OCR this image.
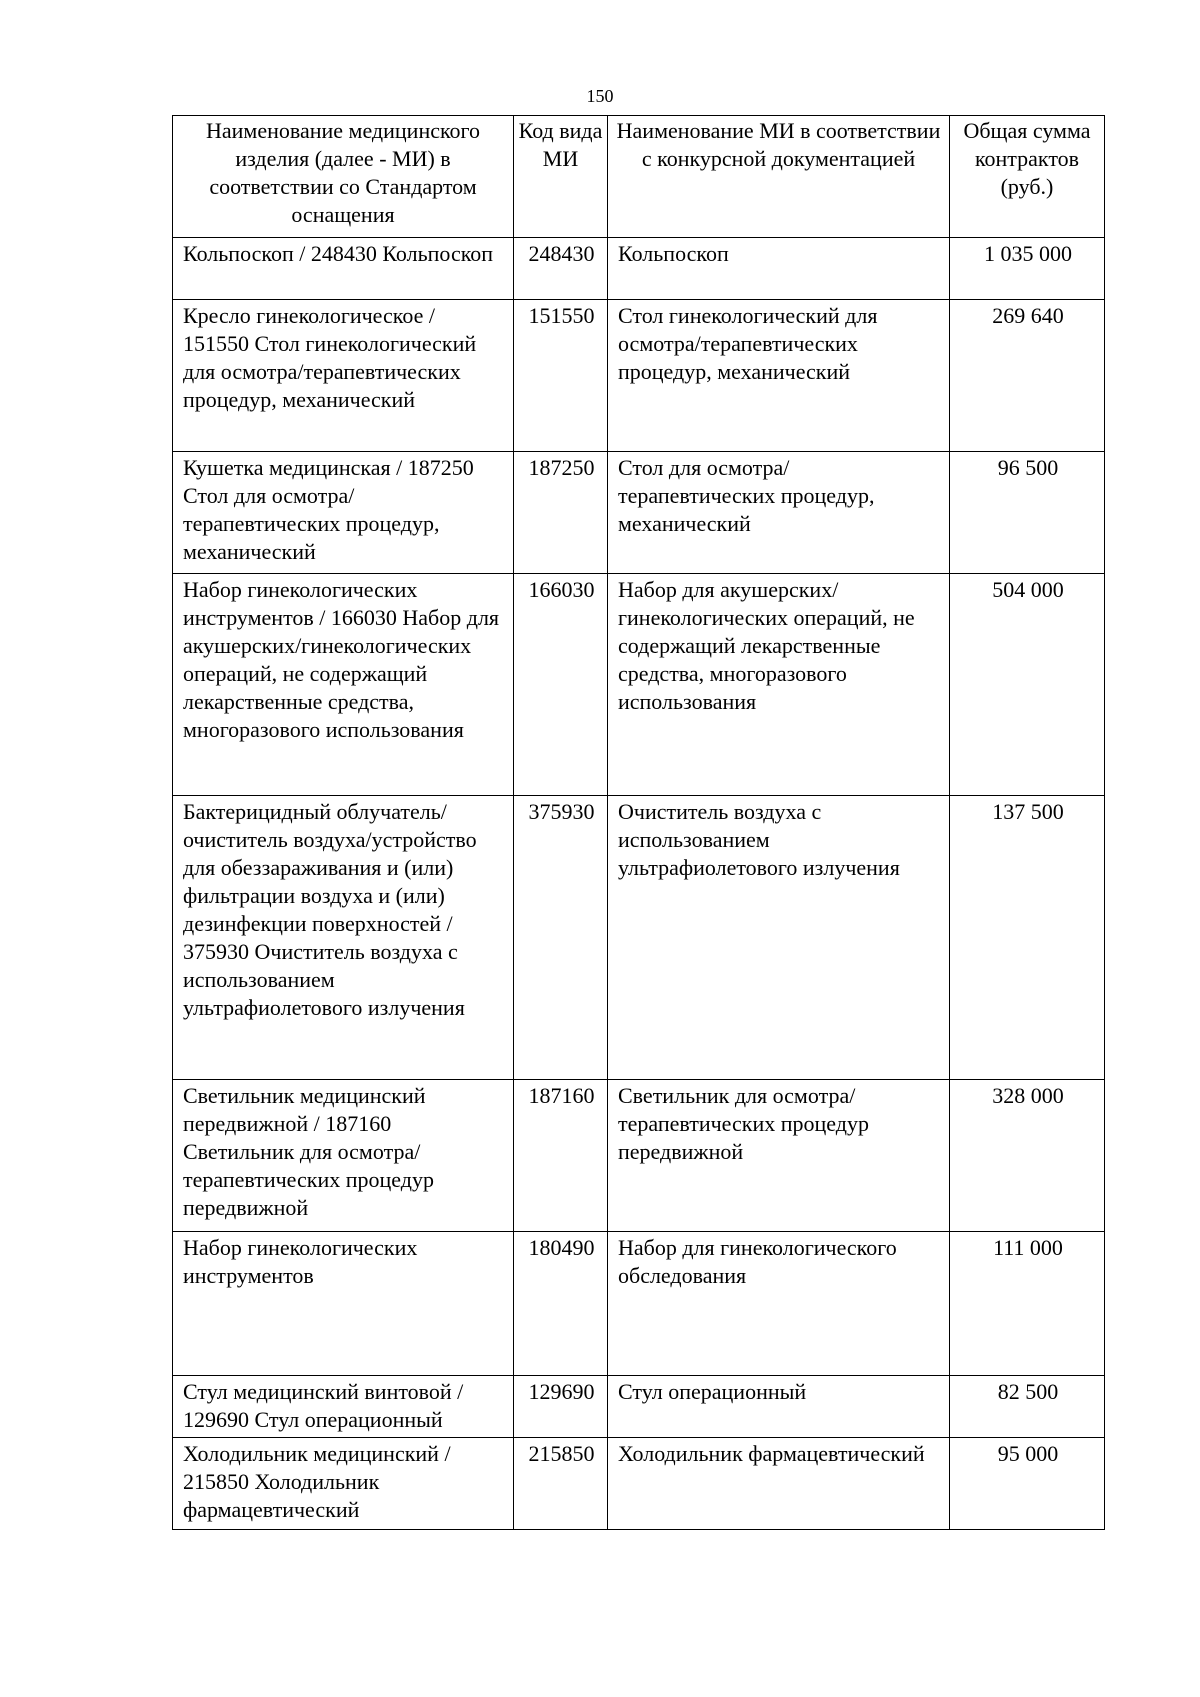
150
Наименование медицинского изделия (далее - МИ) в соответствии со Стандартом оснащения	Код вида МИ	Наименование МИ в соответствии с конкурсной документацией	Общая сумма контрактов (руб.)
Кольпоскоп / 248430 Кольпоскоп	248430	Кольпоскоп	1 035 000
Кресло гинекологическое / 151550 Стол гинекологический для осмотра/терапевтических процедур, механический	151550	Стол гинекологический для осмотра/терапевтических процедур, механический	269 640
Кушетка медицинская / 187250 Стол для осмотра/терапевтических процедур, механический	187250	Стол для осмотра/терапевтических процедур, механический	96 500
Набор гинекологических инструментов / 166030 Набор для акушерских/гинекологических операций, не содержащий лекарственные средства, многоразового использования	166030	Набор для акушерских/гинекологических операций, не содержащий лекарственные средства, многоразового использования	504 000
Бактерицидный облучатель/очиститель воздуха/устройство для обеззараживания и (или) фильтрации воздуха и (или) дезинфекции поверхностей / 375930 Очиститель воздуха с использованием ультрафиолетового излучения	375930	Очиститель воздуха с использованием ультрафиолетового излучения	137 500
Светильник медицинский передвижной / 187160 Светильник для осмотра/терапевтических процедур передвижной	187160	Светильник для осмотра/терапевтических процедур передвижной	328 000
Набор гинекологических инструментов	180490	Набор для гинекологического обследования	111 000
Стул медицинский винтовой / 129690 Стул операционный	129690	Стул операционный	82 500
Холодильник медицинский / 215850 Холодильник фармацевтический	215850	Холодильник фармацевтический	95 000
